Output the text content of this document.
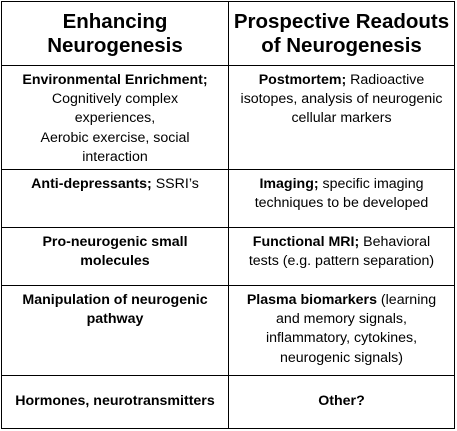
Enhancing
Neurogenesis
Prospective Readouts
of Neurogenesis
Environmental Enrichment;
Cognitively complex
experiences,
Aerobic exercise, social
interaction
Postmortem; Radioactive
isotopes, analysis of neurogenic
cellular markers
Anti-depressants; SSRI’s	Imaging; specific imaging
techniques to be developed
Pro-neurogenic small
molecules
Functional MRI; Behavioral
tests (e.g. pattern separation)
Manipulation of neurogenic
pathway
Plasma biomarkers (learning
and memory signals,
inflammatory, cytokines,
neurogenic signals)
Hormones, neurotransmitters	Other?
